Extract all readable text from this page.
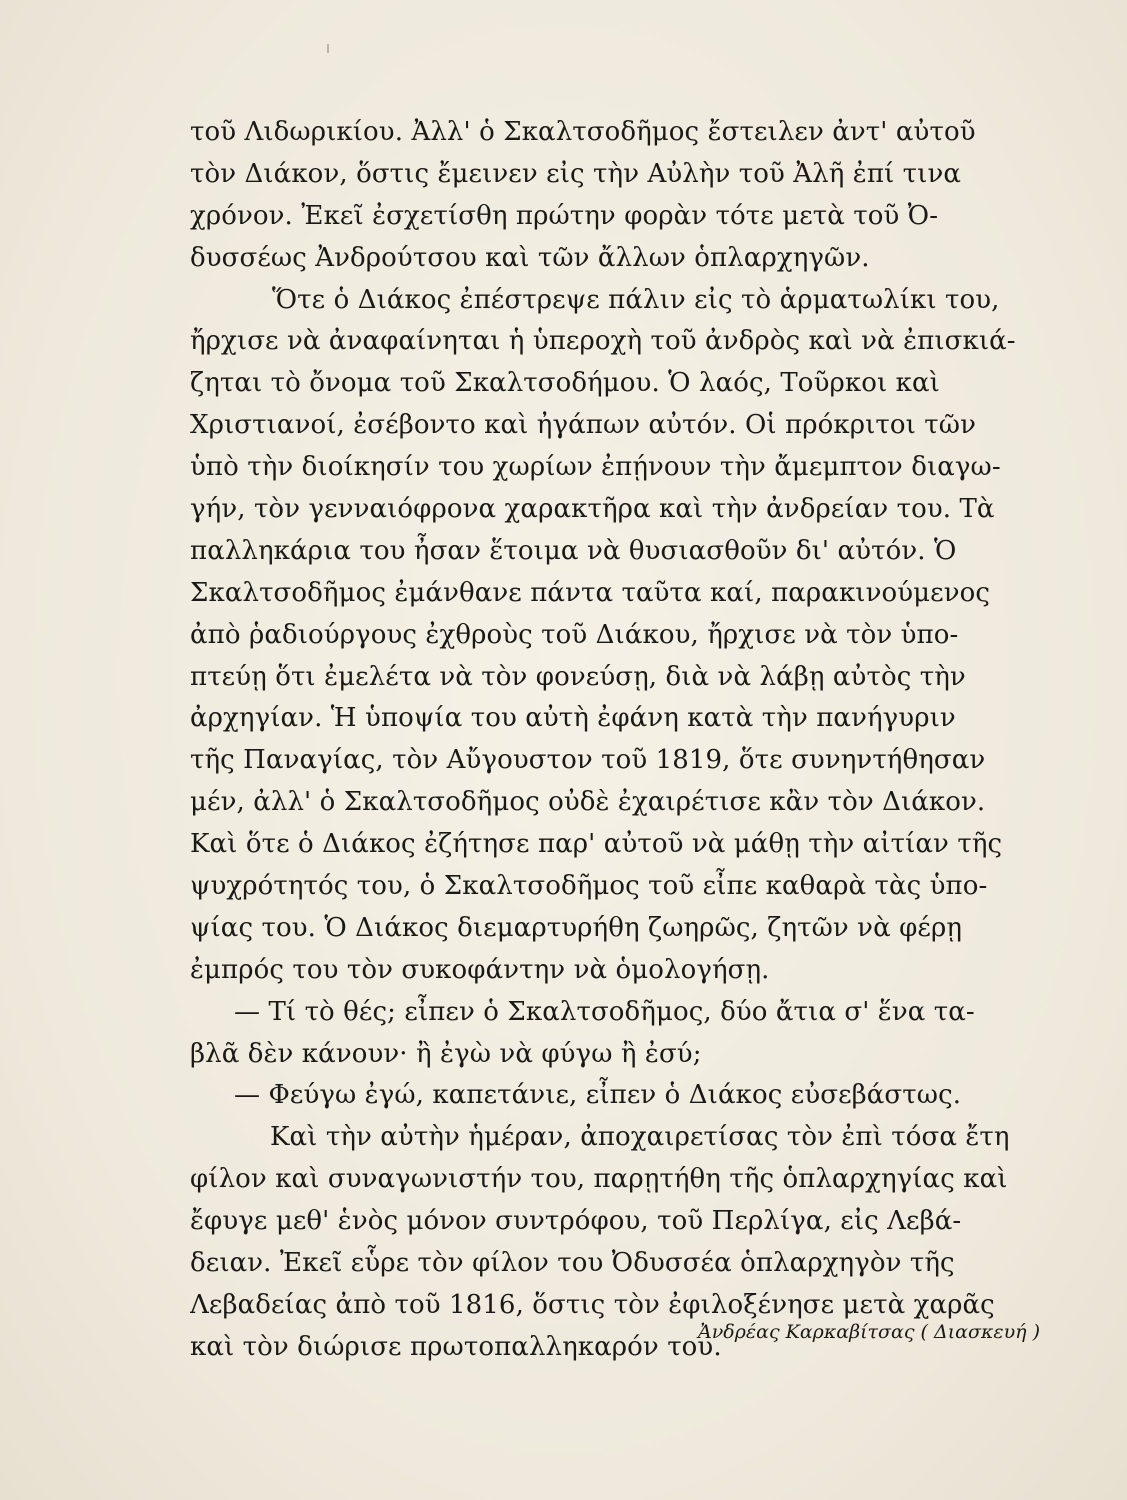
τοῦ Λιδωρικίου. Ἀλλ' ὁ Σκαλτσοδῆμος ἔστειλεν ἀντ' αὐτοῦ
τὸν Διάκον, ὅστις ἔμεινεν εἰς τὴν Αὐλὴν τοῦ Ἀλῆ ἐπί τινα
χρόνον. Ἐκεῖ ἐσχετίσθη πρώτην φορὰν τότε μετὰ τοῦ Ὀ-
δυσσέως Ἀνδρούτσου καὶ τῶν ἄλλων ὁπλαρχηγῶν.
Ὅτε ὁ Διάκος ἐπέστρεψε πάλιν εἰς τὸ ἁρματωλίκι του,
ἤρχισε νὰ ἀναφαίνηται ἡ ὑπεροχὴ τοῦ ἀνδρὸς καὶ νὰ ἐπισκιά-
ζηται τὸ ὄνομα τοῦ Σκαλτσοδήμου. Ὁ λαός, Τοῦρκοι καὶ
Χριστιανοί, ἐσέβοντο καὶ ἠγάπων αὐτόν. Οἱ πρόκριτοι τῶν
ὑπὸ τὴν διοίκησίν του χωρίων ἐπῄνουν τὴν ἄμεμπτον διαγω-
γήν, τὸν γενναιόφρονα χαρακτῆρα καὶ τὴν ἀνδρείαν του. Τὰ
παλληκάρια του ἦσαν ἕτοιμα νὰ θυσιασθοῦν δι' αὐτόν. Ὁ
Σκαλτσοδῆμος ἐμάνθανε πάντα ταῦτα καί, παρακινούμενος
ἀπὸ ῥαδιούργους ἐχθροὺς τοῦ Διάκου, ἤρχισε νὰ τὸν ὑπο-
πτεύῃ ὅτι ἐμελέτα νὰ τὸν φονεύσῃ, διὰ νὰ λάβῃ αὐτὸς τὴν
ἀρχηγίαν. Ἡ ὑποψία του αὐτὴ ἐφάνη κατὰ τὴν πανήγυριν
τῆς Παναγίας, τὸν Αὔγουστον τοῦ 1819, ὅτε συνηντήθησαν
μέν, ἀλλ' ὁ Σκαλτσοδῆμος οὐδὲ ἐχαιρέτισε κἂν τὸν Διάκον.
Καὶ ὅτε ὁ Διάκος ἐζήτησε παρ' αὐτοῦ νὰ μάθῃ τὴν αἰτίαν τῆς
ψυχρότητός του, ὁ Σκαλτσοδῆμος τοῦ εἶπε καθαρὰ τὰς ὑπο-
ψίας του. Ὁ Διάκος διεμαρτυρήθη ζωηρῶς, ζητῶν νὰ φέρῃ
ἐμπρός του τὸν συκοφάντην νὰ ὁμολογήσῃ.
— Τί τὸ θές; εἶπεν ὁ Σκαλτσοδῆμος, δύο ἄτια σ' ἕνα τα-
βλᾶ δὲν κάνουν· ἢ ἐγὼ νὰ φύγω ἢ ἐσύ;
— Φεύγω ἐγώ, καπετάνιε, εἶπεν ὁ Διάκος εὐσεβάστως.
Καὶ τὴν αὐτὴν ἡμέραν, ἀποχαιρετίσας τὸν ἐπὶ τόσα ἔτη
φίλον καὶ συναγωνιστήν του, παρῃτήθη τῆς ὁπλαρχηγίας καὶ
ἔφυγε μεθ' ἑνὸς μόνον συντρόφου, τοῦ Περλίγα, εἰς Λεβά-
δειαν. Ἐκεῖ εὗρε τὸν φίλον του Ὀδυσσέα ὁπλαρχηγὸν τῆς
Λεβαδείας ἀπὸ τοῦ 1816, ὅστις τὸν ἐφιλοξένησε μετὰ χαρᾶς
καὶ τὸν διώρισε πρωτοπαλληκαρόν του.
Ἀνδρέας Καρκαβίτσας ( Διασκευή )
